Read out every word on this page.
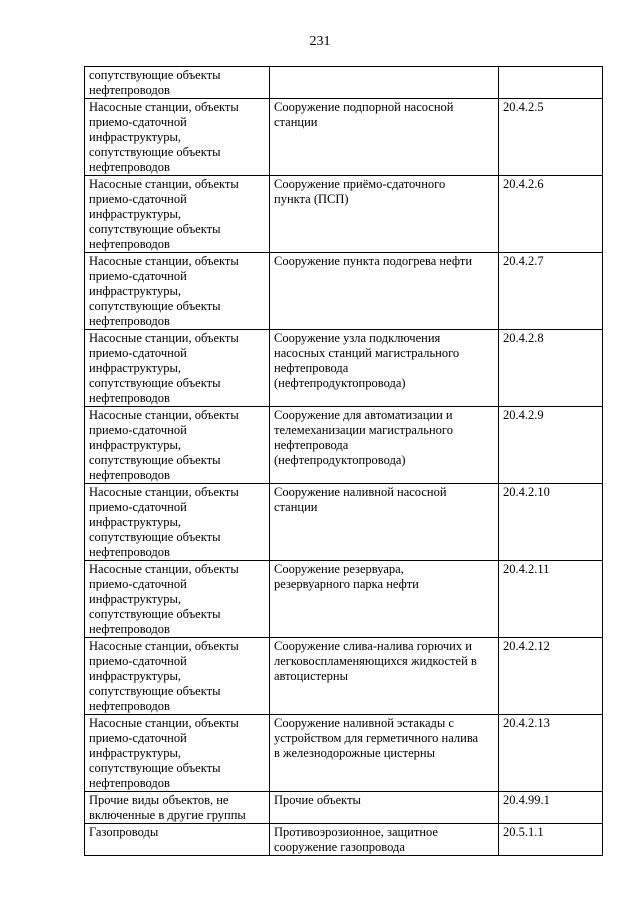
231
сопутствующие объекты
нефтепроводов		

Насосные станции, объекты
приемо-сдаточной
инфраструктуры,
сопутствующие объекты
нефтепроводов	Сооружение подпорной насосной
станции	20.4.2.5

Насосные станции, объекты
приемо-сдаточной
инфраструктуры,
сопутствующие объекты
нефтепроводов	Сооружение приёмо-сдаточного
пункта (ПСП)	20.4.2.6

Насосные станции, объекты
приемо-сдаточной
инфраструктуры,
сопутствующие объекты
нефтепроводов	Сооружение пункта подогрева нефти	20.4.2.7

Насосные станции, объекты
приемо-сдаточной
инфраструктуры,
сопутствующие объекты
нефтепроводов	Сооружение узла подключения
насосных станций магистрального
нефтепровода
(нефтепродуктопровода)	20.4.2.8

Насосные станции, объекты
приемо-сдаточной
инфраструктуры,
сопутствующие объекты
нефтепроводов	Сооружение для автоматизации и
телемеханизации магистрального
нефтепровода
(нефтепродуктопровода)	20.4.2.9

Насосные станции, объекты
приемо-сдаточной
инфраструктуры,
сопутствующие объекты
нефтепроводов	Сооружение наливной насосной
станции	20.4.2.10

Насосные станции, объекты
приемо-сдаточной
инфраструктуры,
сопутствующие объекты
нефтепроводов	Сооружение резервуара,
резервуарного парка нефти	20.4.2.11

Насосные станции, объекты
приемо-сдаточной
инфраструктуры,
сопутствующие объекты
нефтепроводов	Сооружение слива-налива горючих и
легковоспламеняющихся жидкостей в
автоцистерны	20.4.2.12

Насосные станции, объекты
приемо-сдаточной
инфраструктуры,
сопутствующие объекты
нефтепроводов	Сооружение наливной эстакады с
устройством для герметичного налива
в железнодорожные цистерны	20.4.2.13

Прочие виды объектов, не
включенные в другие группы	Прочие объекты	20.4.99.1

Газопроводы	Противоэрозионное, защитное
сооружение газопровода	20.5.1.1
